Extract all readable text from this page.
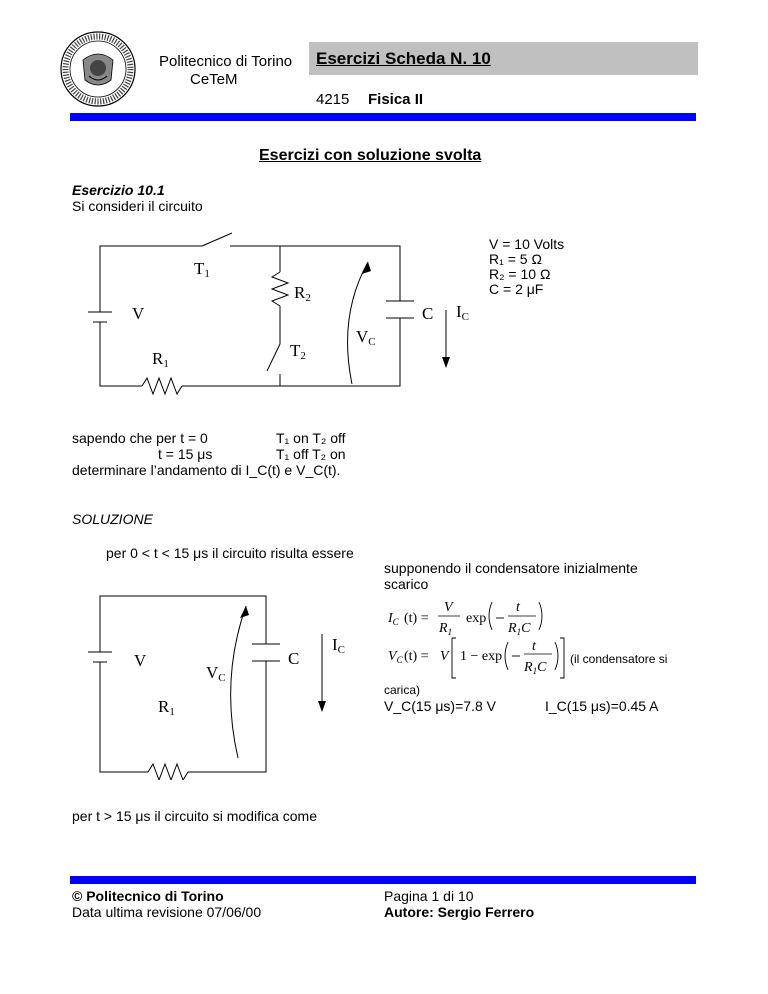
Politecnico di Torino
CeTeM
Esercizi Scheda N. 10
4215 Fisica II
Esercizi con soluzione svolta
Esercizio 10.1
Si consideri il circuito
V = 10 Volts
R₁ = 5 Ω
R₂ = 10 Ω
C = 2 μF
T1
R2
V	C IC
VC
T2
R1
sapendo che per t = 0	T₁ on T₂ off
t = 15 μs	T₁ off T₂ on
determinare l’andamento di I_C(t) e V_C(t).
SOLUZIONE
per 0 < t < 15 μs il circuito risulta essere
supponendo il condensatore inizialmente scarico
$I_C$ (t) =
V
$R_1$
exp
t
$R_1C$
$V_C$ (t) = V 1 − exp
t
$R_1C$
(il condensatore si
carica)
V_C(15 μs)=7.8 V	I_C(15 μs)=0.45 A
V
VC
C
IC
R1
per t > 15 μs il circuito si modifica come
© Politecnico di Torino
Data ultima revisione 07/06/00
Pagina 1 di 10
Autore: Sergio Ferrero
